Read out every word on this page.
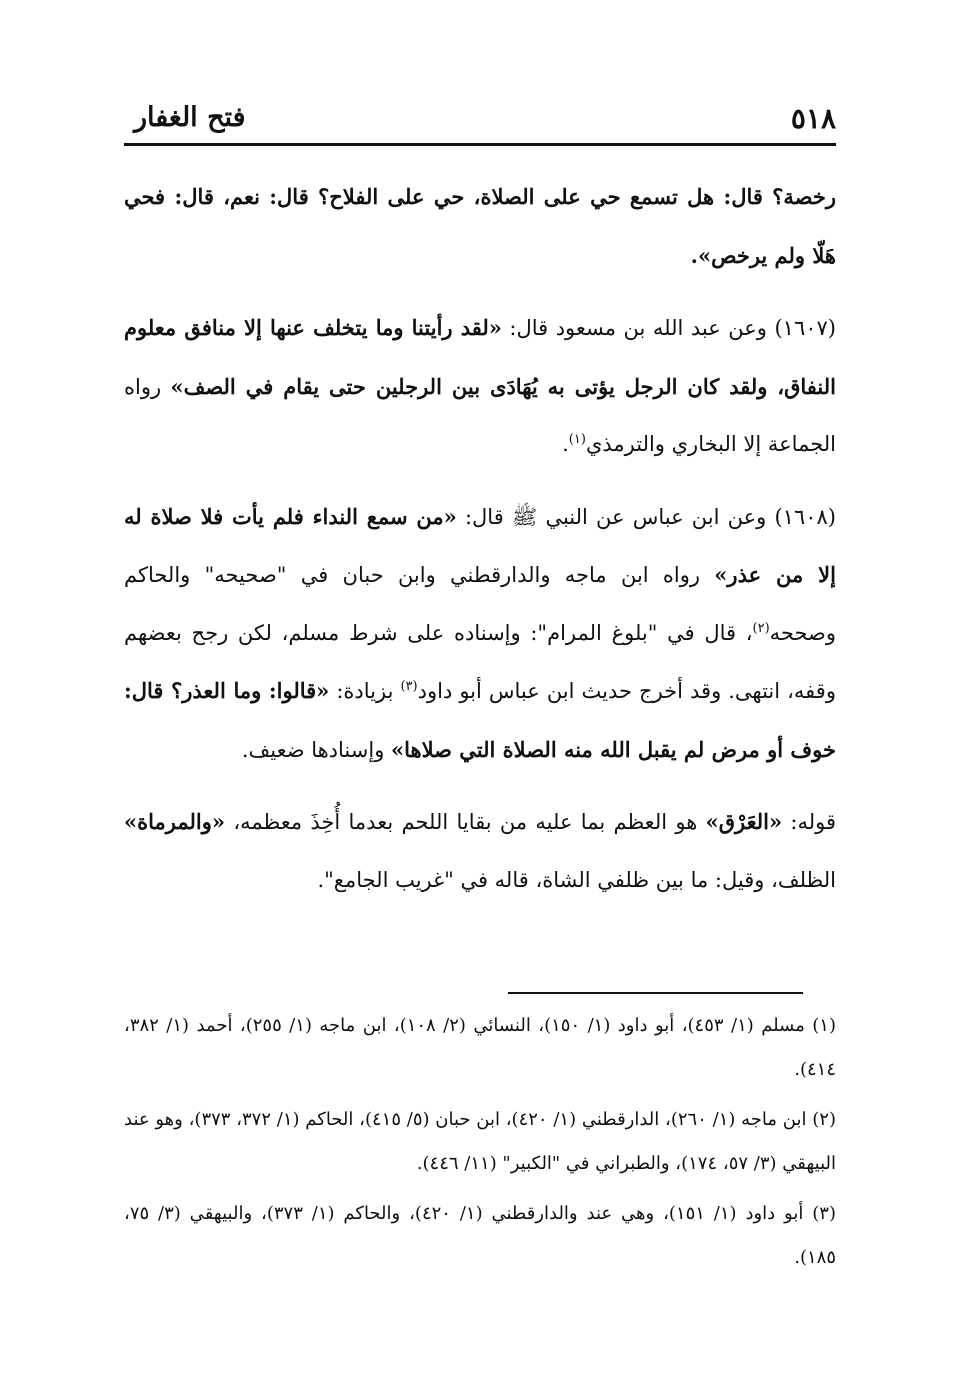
٥١٨
فتح الغفار

رخصة؟ قال: هل تسمع حي على الصلاة، حي على الفلاح؟ قال: نعم، قال: فحي هَلّا ولم يرخص».

(١٦٠٧) وعن عبد الله بن مسعود قال: «لقد رأيتنا وما يتخلف عنها إلا منافق معلوم النفاق، ولقد كان الرجل يؤتى به يُهَادَى بين الرجلين حتى يقام في الصف» رواه الجماعة إلا البخاري والترمذي$^{(١)}$.

(١٦٠٨) وعن ابن عباس عن النبي ﷺ قال: «من سمع النداء فلم يأت فلا صلاة له إلا من عذر» رواه ابن ماجه والدارقطني وابن حبان في "صحيحه" والحاكم وصححه$^{(٢)}$، قال في "بلوغ المرام": وإسناده على شرط مسلم، لكن رجح بعضهم وقفه، انتهى. وقد أخرج حديث ابن عباس أبو داود$^{(٣)}$ بزيادة: «قالوا: وما العذر؟ قال: خوف أو مرض لم يقبل الله منه الصلاة التي صلاها» وإسنادها ضعيف.

قوله: «العَرْق» هو العظم بما عليه من بقايا اللحم بعدما أُخِذَ معظمه، «والمرماة» الظلف، وقيل: ما بين ظلفي الشاة، قاله في "غريب الجامع".

(١) مسلم (١/ ٤٥٣)، أبو داود (١/ ١٥٠)، النسائي (٢/ ١٠٨)، ابن ماجه (١/ ٢٥٥)، أحمد (١/ ٣٨٢، ٤١٤).

(٢) ابن ماجه (١/ ٢٦٠)، الدارقطني (١/ ٤٢٠)، ابن حبان (٥/ ٤١٥)، الحاكم (١/ ٣٧٢، ٣٧٣)، وهو عند البيهقي (٣/ ٥٧، ١٧٤)، والطبراني في "الكبير" (١١/ ٤٤٦).

(٣) أبو داود (١/ ١٥١)، وهي عند والدارقطني (١/ ٤٢٠)، والحاكم (١/ ٣٧٣)، والبيهقي (٣/ ٧٥، ١٨٥).
